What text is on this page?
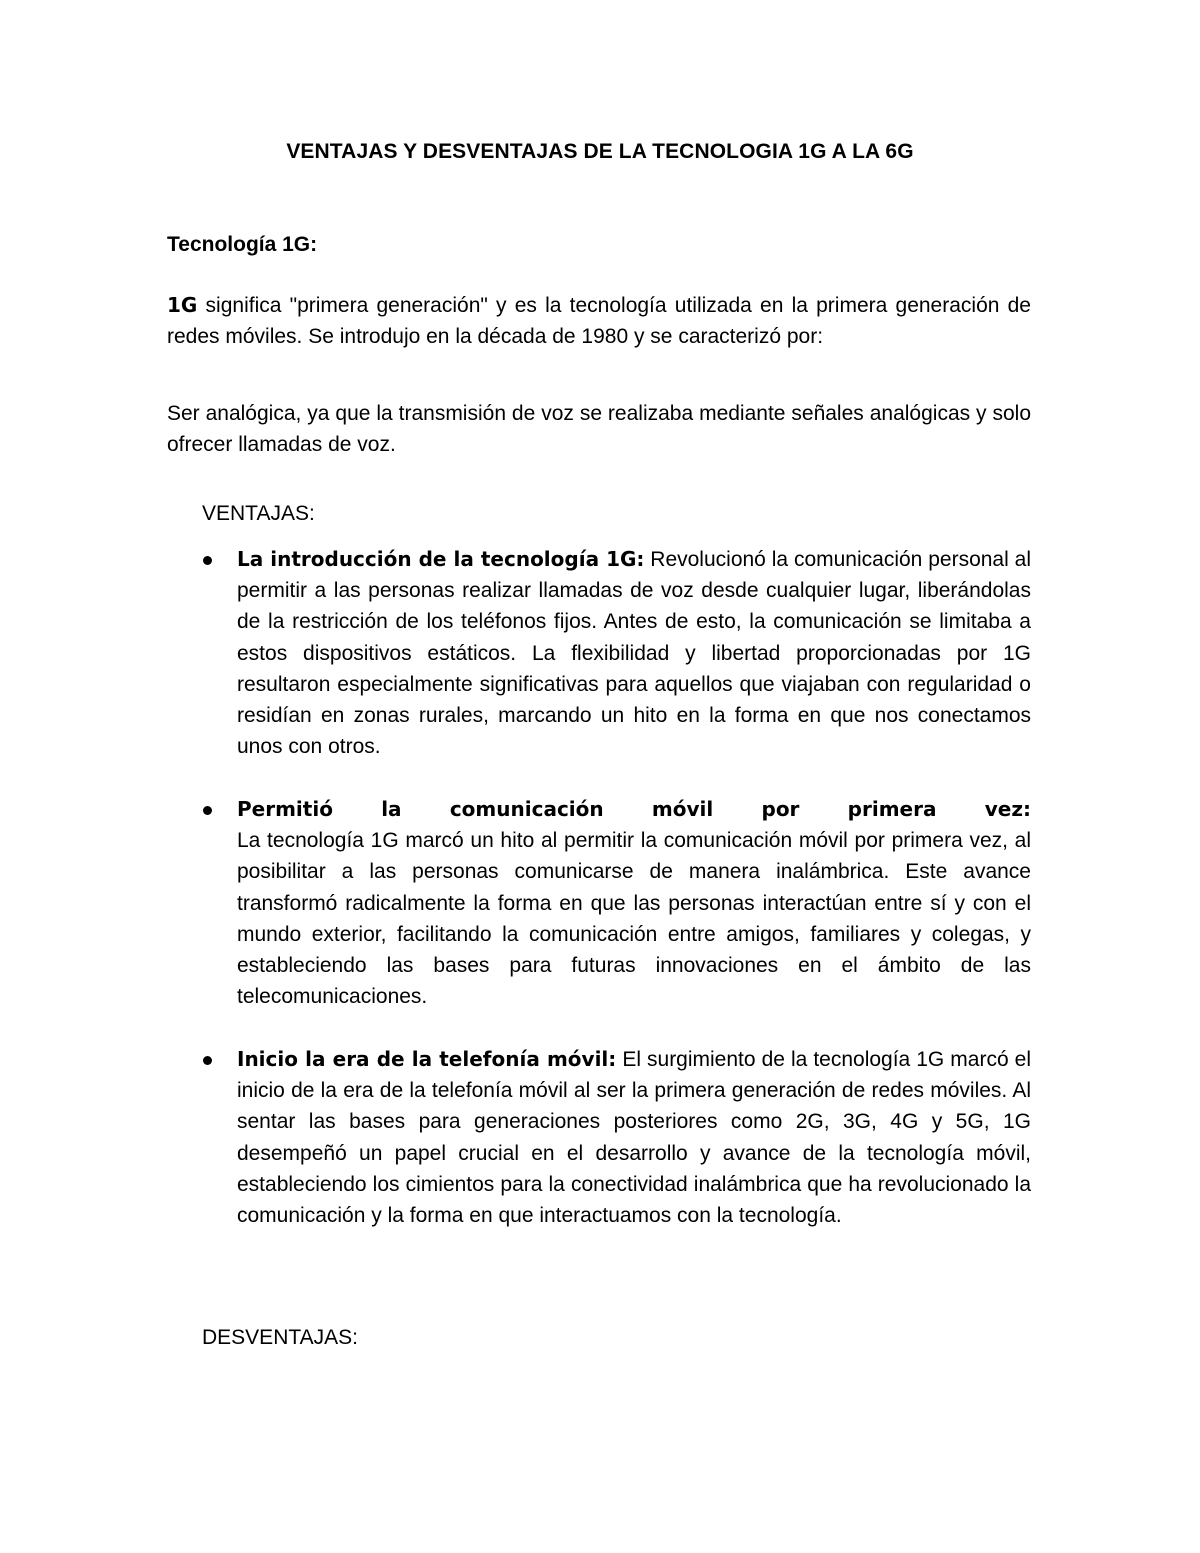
VENTAJAS Y DESVENTAJAS DE LA TECNOLOGIA 1G A LA 6G
Tecnología 1G:
1G significa "primera generación" y es la tecnología utilizada en la primera generación de redes móviles. Se introdujo en la década de 1980 y se caracterizó por:
Ser analógica, ya que la transmisión de voz se realizaba mediante señales analógicas y solo ofrecer llamadas de voz.
VENTAJAS:
La introducción de la tecnología 1G: Revolucionó la comunicación personal al permitir a las personas realizar llamadas de voz desde cualquier lugar, liberándolas de la restricción de los teléfonos fijos. Antes de esto, la comunicación se limitaba a estos dispositivos estáticos. La flexibilidad y libertad proporcionadas por 1G resultaron especialmente significativas para aquellos que viajaban con regularidad o residían en zonas rurales, marcando un hito en la forma en que nos conectamos unos con otros.
Permitió la comunicación móvil por primera vez:
La tecnología 1G marcó un hito al permitir la comunicación móvil por primera vez, al posibilitar a las personas comunicarse de manera inalámbrica. Este avance transformó radicalmente la forma en que las personas interactúan entre sí y con el mundo exterior, facilitando la comunicación entre amigos, familiares y colegas, y estableciendo las bases para futuras innovaciones en el ámbito de las telecomunicaciones.
Inicio la era de la telefonía móvil: El surgimiento de la tecnología 1G marcó el inicio de la era de la telefonía móvil al ser la primera generación de redes móviles. Al sentar las bases para generaciones posteriores como 2G, 3G, 4G y 5G, 1G desempeñó un papel crucial en el desarrollo y avance de la tecnología móvil, estableciendo los cimientos para la conectividad inalámbrica que ha revolucionado la comunicación y la forma en que interactuamos con la tecnología.
DESVENTAJAS:
